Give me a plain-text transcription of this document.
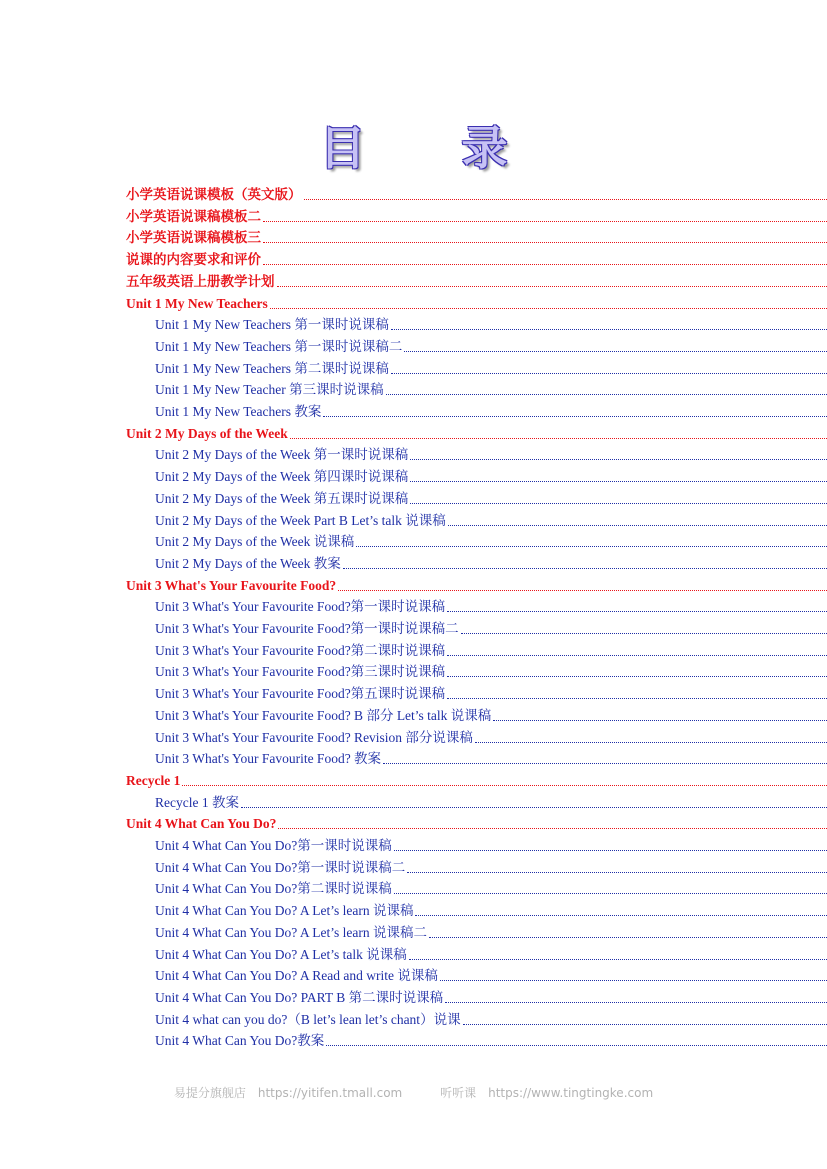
目 录
小学英语说课模板（英文版）
小学英语说课稿模板二
小学英语说课稿模板三
说课的内容要求和评价
五年级英语上册教学计划
Unit 1 My New Teachers
Unit 1 My New Teachers 第一课时说课稿
Unit 1 My New Teachers 第一课时说课稿二
Unit 1 My New Teachers 第二课时说课稿
Unit 1 My New Teacher 第三课时说课稿
Unit 1 My New Teachers 教案
Unit 2 My Days of the Week
Unit 2 My Days of the Week 第一课时说课稿
Unit 2 My Days of the Week 第四课时说课稿
Unit 2 My Days of the Week 第五课时说课稿
Unit 2 My Days of the Week Part B Let’s talk 说课稿
Unit 2 My Days of the Week 说课稿
Unit 2 My Days of the Week 教案
Unit 3 What's Your Favourite Food?
Unit 3 What's Your Favourite Food?第一课时说课稿
Unit 3 What's Your Favourite Food?第一课时说课稿二
Unit 3 What's Your Favourite Food?第二课时说课稿
Unit 3 What's Your Favourite Food?第三课时说课稿
Unit 3 What's Your Favourite Food?第五课时说课稿
Unit 3 What's Your Favourite Food? B 部分 Let’s talk 说课稿
Unit 3 What's Your Favourite Food? Revision 部分说课稿
Unit 3 What's Your Favourite Food? 教案
Recycle 1
Recycle 1 教案
Unit 4 What Can You Do?
Unit 4 What Can You Do?第一课时说课稿
Unit 4 What Can You Do?第一课时说课稿二
Unit 4 What Can You Do?第二课时说课稿
Unit 4 What Can You Do? A Let’s learn 说课稿
Unit 4 What Can You Do? A Let’s learn 说课稿二
Unit 4 What Can You Do? A Let’s talk 说课稿
Unit 4 What Can You Do? A Read and write 说课稿
Unit 4 What Can You Do? PART B 第二课时说课稿
Unit 4 what can you do?（B let’s lean let’s chant）说课
Unit 4 What Can You Do?教案
易提分旗舰店 https://yitifen.tmall.com	听听课 https://www.tingtingke.com
